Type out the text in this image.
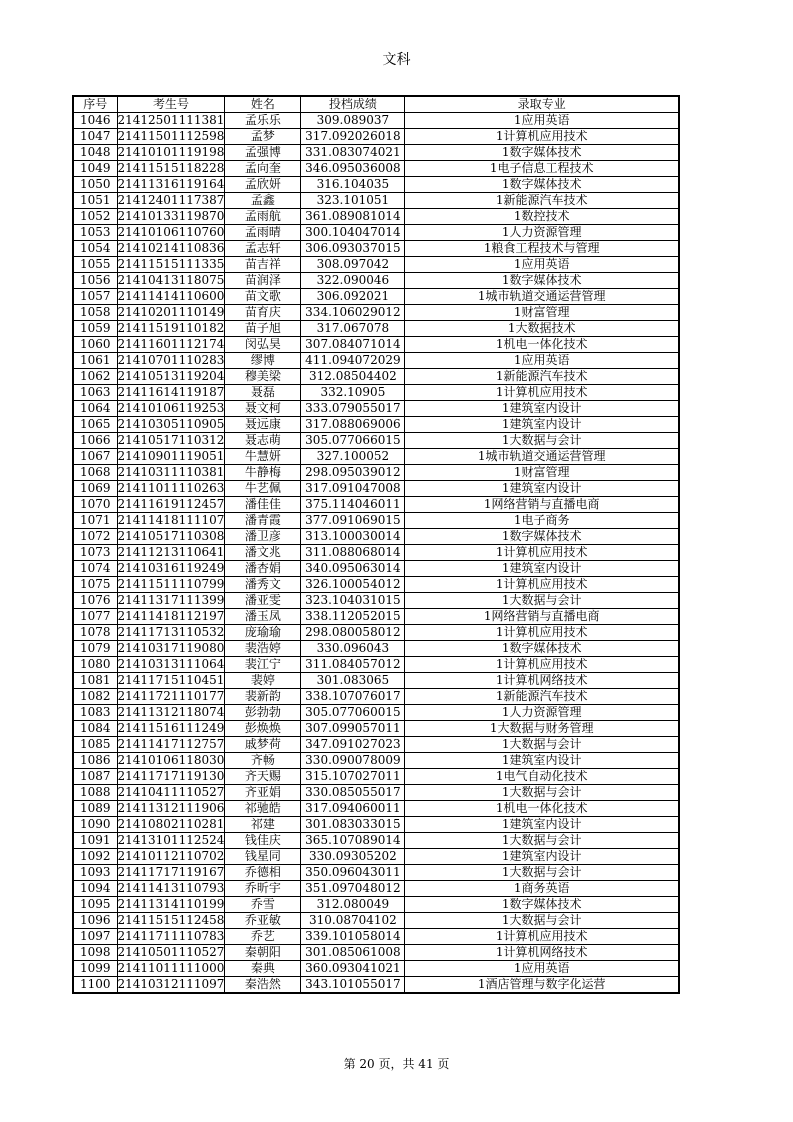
文科
序号	考生号	姓名	投档成绩	录取专业
1046	21412501111381	孟乐乐	309.089037	1应用英语
1047	21411501112598	孟梦	317.092026018	1计算机应用技术
1048	21410101119198	孟强博	331.083074021	1数字媒体技术
1049	21411515118228	孟向奎	346.095036008	1电子信息工程技术
1050	21411316119164	孟欣妍	316.104035	1数字媒体技术
1051	21412401117387	孟鑫	323.101051	1新能源汽车技术
1052	21410133119870	孟雨航	361.089081014	1数控技术
1053	21410106110760	孟雨晴	300.104047014	1人力资源管理
1054	21410214110836	孟志轩	306.093037015	1粮食工程技术与管理
1055	21411515111335	苗吉祥	308.097042	1应用英语
1056	21410413118075	苗润泽	322.090046	1数字媒体技术
1057	21411414110600	苗文歌	306.092021	1城市轨道交通运营管理
1058	21410201110149	苗育庆	334.106029012	1财富管理
1059	21411519110182	苗子旭	317.067078	1大数据技术
1060	21411601112174	闵弘昊	307.084071014	1机电一体化技术
1061	21410701110283	缪博	411.094072029	1应用英语
1062	21410513119204	穆美梁	312.08504402	1新能源汽车技术
1063	21411614119187	聂磊	332.10905	1计算机应用技术
1064	21410106119253	聂文柯	333.079055017	1建筑室内设计
1065	21410305110905	聂远康	317.088069006	1建筑室内设计
1066	21410517110312	聂志萌	305.077066015	1大数据与会计
1067	21410901119051	牛慧妍	327.100052	1城市轨道交通运营管理
1068	21410311110381	牛静梅	298.095039012	1财富管理
1069	21411011110263	牛艺佩	317.091047008	1建筑室内设计
1070	21411619112457	潘佳佳	375.114046011	1网络营销与直播电商
1071	21411418111107	潘青霞	377.091069015	1电子商务
1072	21410517110308	潘卫彦	313.100030014	1数字媒体技术
1073	21411213110641	潘文兆	311.088068014	1计算机应用技术
1074	21410316119249	潘杏娟	340.095063014	1建筑室内设计
1075	21411511110799	潘秀文	326.100054012	1计算机应用技术
1076	21411317111399	潘亚雯	323.104031015	1大数据与会计
1077	21411418112197	潘玉凤	338.112052015	1网络营销与直播电商
1078	21411713110532	庞瑜瑜	298.080058012	1计算机应用技术
1079	21410317119080	裴浩婷	330.096043	1数字媒体技术
1080	21410313111064	裴江宁	311.084057012	1计算机应用技术
1081	21411715110451	裴婷	301.083065	1计算机网络技术
1082	21411721110177	裴新韵	338.107076017	1新能源汽车技术
1083	21411312118074	彭勃勃	305.077060015	1人力资源管理
1084	21411516111249	彭焕焕	307.099057011	1大数据与财务管理
1085	21411417112757	戚梦荷	347.091027023	1大数据与会计
1086	21410106118030	齐畅	330.090078009	1建筑室内设计
1087	21411717119130	齐天赐	315.107027011	1电气自动化技术
1088	21410411110527	齐亚娟	330.085055017	1大数据与会计
1089	21411312111906	祁驰皓	317.094060011	1机电一体化技术
1090	21410802110281	祁建	301.083033015	1建筑室内设计
1091	21413101112524	钱佳庆	365.107089014	1大数据与会计
1092	21410112110702	钱星同	330.09305202	1建筑室内设计
1093	21411717119167	乔德相	350.096043011	1大数据与会计
1094	21411413110793	乔昕宇	351.097048012	1商务英语
1095	21411314110199	乔雪	312.080049	1数字媒体技术
1096	21411515112458	乔亚敏	310.08704102	1大数据与会计
1097	21411711110783	乔艺	339.101058014	1计算机应用技术
1098	21410501110527	秦朝阳	301.085061008	1计算机网络技术
1099	21411011111000	秦典	360.093041021	1应用英语
1100	21410312111097	秦浩然	343.101055017	1酒店管理与数字化运营
第 20 页，共 41 页
